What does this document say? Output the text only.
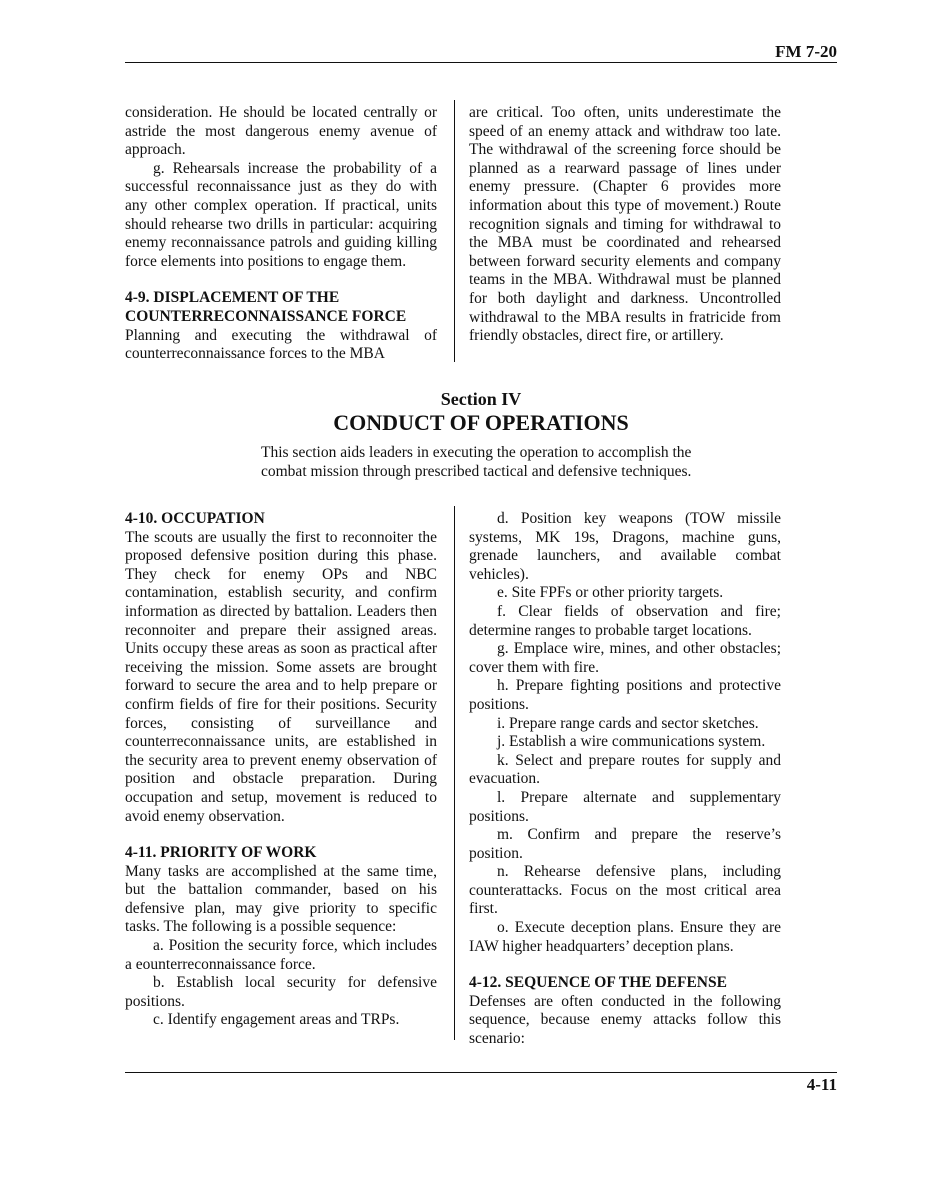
FM 7-20

consideration. He should be located centrally or astride the most dangerous enemy avenue of approach.

g. Rehearsals increase the probability of a successful reconnaissance just as they do with any other complex operation. If practical, units should rehearse two drills in particular: acquiring enemy reconnaissance patrols and guiding killing force elements into positions to engage them.

4-9. DISPLACEMENT OF THE COUNTERRECONNAISSANCE FORCE

Planning and executing the withdrawal of counterreconnaissance forces to the MBA

are critical. Too often, units underestimate the speed of an enemy attack and withdraw too late. The withdrawal of the screening force should be planned as a rearward passage of lines under enemy pressure. (Chapter 6 provides more information about this type of movement.) Route recognition signals and timing for withdrawal to the MBA must be coordinated and rehearsed between forward security elements and company teams in the MBA. Withdrawal must be planned for both daylight and darkness. Uncontrolled withdrawal to the MBA results in fratricide from friendly obstacles, direct fire, or artillery.

Section IV
CONDUCT OF OPERATIONS
This section aids leaders in executing the operation to accomplish the combat mission through prescribed tactical and defensive techniques.

4-10. OCCUPATION

The scouts are usually the first to reconnoiter the proposed defensive position during this phase. They check for enemy OPs and NBC contamination, establish security, and confirm information as directed by battalion. Leaders then reconnoiter and prepare their assigned areas. Units occupy these areas as soon as practical after receiving the mission. Some assets are brought forward to secure the area and to help prepare or confirm fields of fire for their positions. Security forces, consisting of surveillance and counterreconnaissance units, are established in the security area to prevent enemy observation of position and obstacle preparation. During occupation and setup, movement is reduced to avoid enemy observation.

4-11. PRIORITY OF WORK

Many tasks are accomplished at the same time, but the battalion commander, based on his defensive plan, may give priority to specific tasks. The following is a possible sequence:

a. Position the security force, which includes a eounterreconnaissance force.

b. Establish local security for defensive positions.

c. Identify engagement areas and TRPs.

d. Position key weapons (TOW missile systems, MK 19s, Dragons, machine guns, grenade launchers, and available combat vehicles).

e. Site FPFs or other priority targets.

f. Clear fields of observation and fire; determine ranges to probable target locations.

g. Emplace wire, mines, and other obstacles; cover them with fire.

h. Prepare fighting positions and protective positions.

i. Prepare range cards and sector sketches.

j. Establish a wire communications system.

k. Select and prepare routes for supply and evacuation.

l. Prepare alternate and supplementary positions.

m. Confirm and prepare the reserve’s position.

n. Rehearse defensive plans, including counterattacks. Focus on the most critical area first.

o. Execute deception plans. Ensure they are IAW higher headquarters’ deception plans.

4-12. SEQUENCE OF THE DEFENSE

Defenses are often conducted in the following sequence, because enemy attacks follow this scenario:

4-11
